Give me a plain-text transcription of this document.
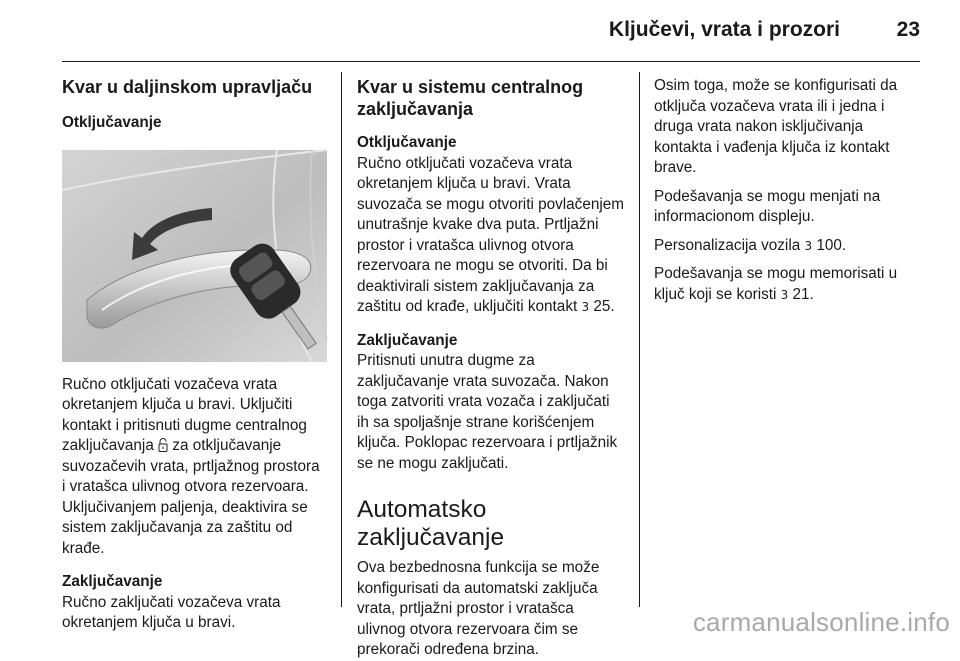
Ključevi, vrata i prozori	23
Kvar u daljinskom upravljaču
Otključavanje

Ručno otključati vozačeva vrata okretanjem ključa u bravi. Uključiti kontakt i pritisnuti dugme centralnog zaključavanja  za otključavanje suvozačevih vrata, prtljažnog prostora i vratašca ulivnog otvora rezervoara. Uključivanjem paljenja, deaktivira se sistem zaključavanja za zaštitu od krađe.

Zaključavanje

Ručno zaključati vozačeva vrata okretanjem ključa u bravi.

Kvar u sistemu centralnog zaključavanja
Otključavanje

Ručno otključati vozačeva vrata okretanjem ključa u bravi. Vrata suvozača se mogu otvoriti povlačenjem unutrašnje kvake dva puta. Prtljažni prostor i vratašca ulivnog otvora rezervoara ne mogu se otvoriti. Da bi deaktivirali sistem zaključavanja za zaštitu od krađe, uključiti kontakt 3 25.

Zaključavanje

Pritisnuti unutra dugme za zaključavanje vrata suvozača. Nakon toga zatvoriti vrata vozača i zaključati ih sa spoljašnje strane korišćenjem ključa. Poklopac rezervoara i prtljažnik se ne mogu zaključati.

Automatsko zaključavanje

Ova bezbednosna funkcija se može konfigurisati da automatski zaključa vrata, prtljažni prostor i vratašca ulivnog otvora rezervoara čim se prekorači određena brzina.

Osim toga, može se konfigurisati da otključa vozačeva vrata ili i jedna i druga vrata nakon isključivanja kontakta i vađenja ključa iz kontakt brave.

Podešavanja se mogu menjati na informacionom displeju.

Personalizacija vozila 3 100.

Podešavanja se mogu memorisati u ključ koji se koristi 3 21.

carmanualsonline.info
